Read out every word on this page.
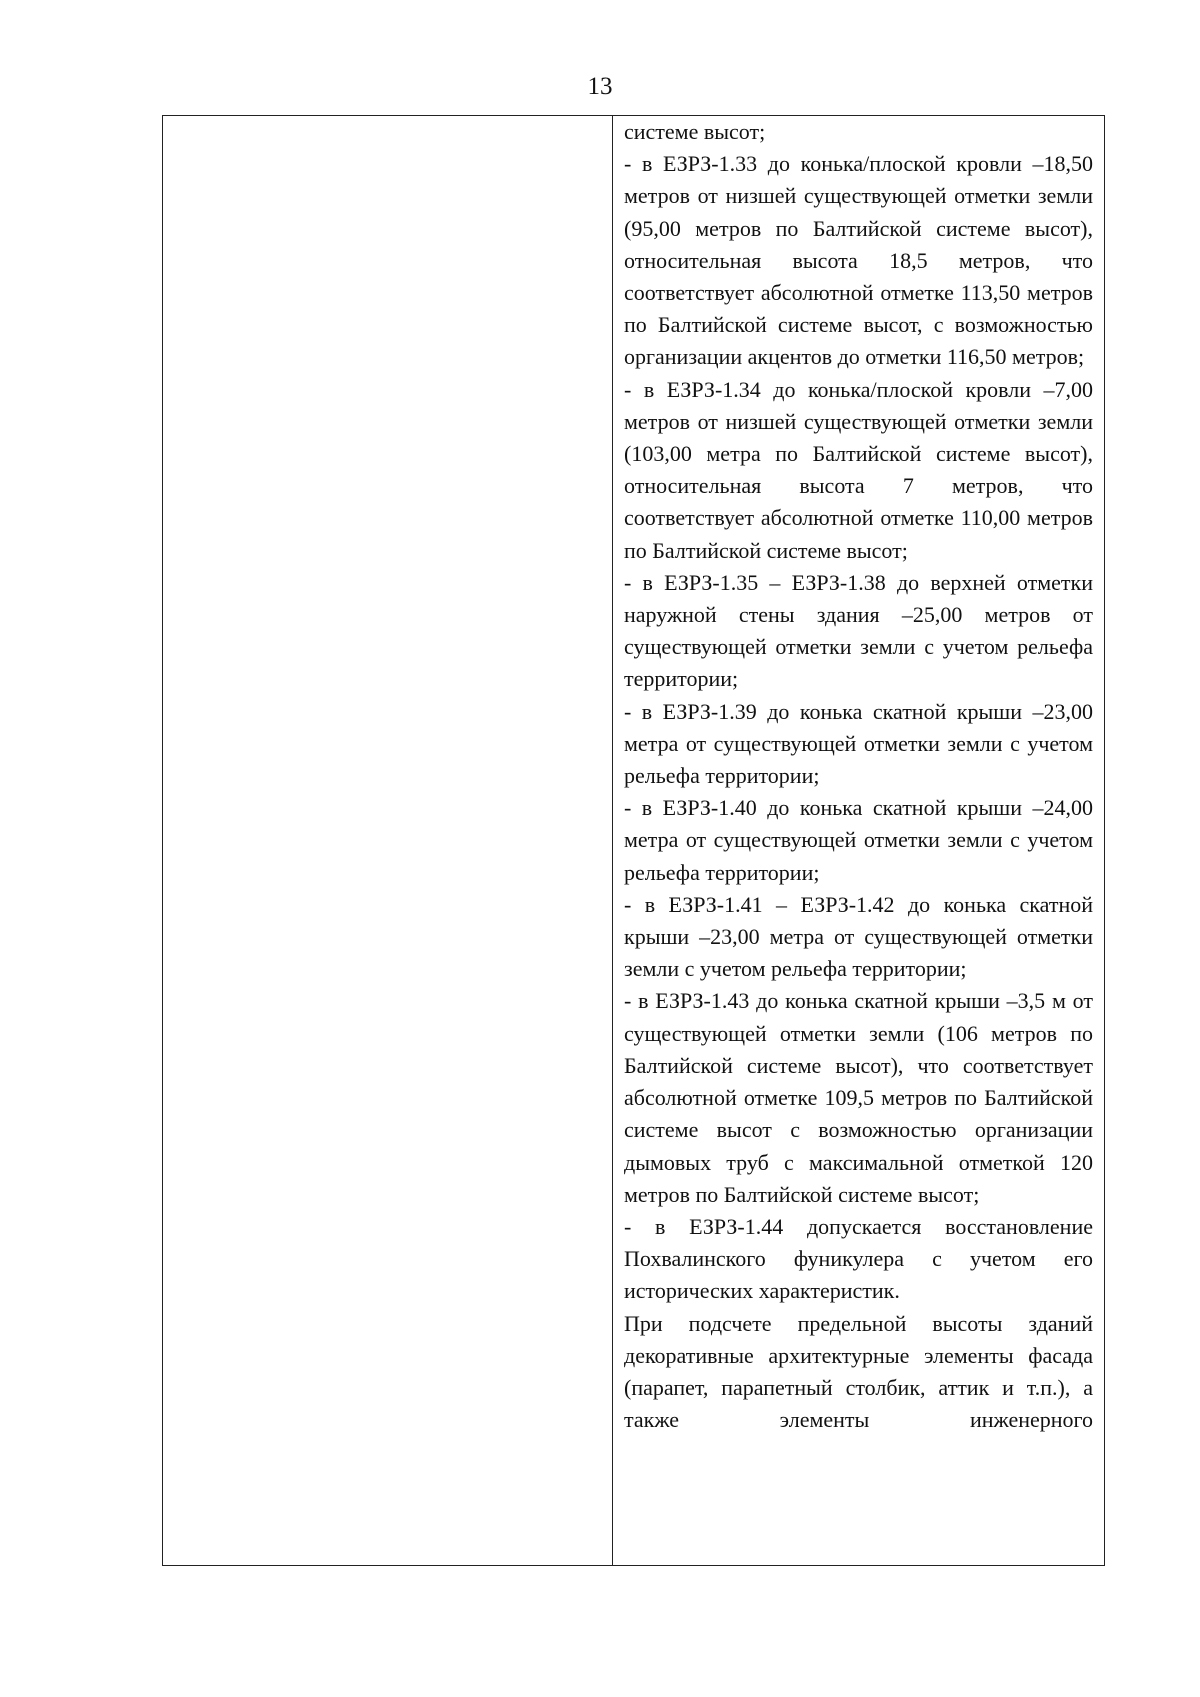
13

системе высот;

- в ЕЗРЗ-1.33 до конька/плоской кровли –18,50 метров от низшей существующей отметки земли (95,00 метров по Балтийской системе высот), относительная высота 18,5 метров, что соответствует абсолютной отметке 113,50 метров по Балтийской системе высот, с возможностью организации акцентов до отметки 116,50 метров;

- в ЕЗРЗ-1.34 до конька/плоской кровли –7,00 метров от низшей существующей отметки земли (103,00 метра по Балтийской системе высот), относительная высота 7 метров, что соответствует абсолютной отметке 110,00 метров по Балтийской системе высот;

- в ЕЗРЗ-1.35 – ЕЗРЗ-1.38 до верхней отметки наружной стены здания –25,00 метров от существующей отметки земли с учетом рельефа территории;

- в ЕЗРЗ-1.39 до конька скатной крыши –23,00 метра от существующей отметки земли с учетом рельефа территории;

- в ЕЗРЗ-1.40 до конька скатной крыши –24,00 метра от существующей отметки земли с учетом рельефа территории;

- в ЕЗРЗ-1.41 – ЕЗРЗ-1.42 до конька скатной крыши –23,00 метра от существующей отметки земли с учетом рельефа территории;

- в ЕЗРЗ-1.43 до конька скатной крыши –3,5 м от существующей отметки земли (106 метров по Балтийской системе высот), что соответствует абсолютной отметке 109,5 метров по Балтийской системе высот с возможностью организации дымовых труб с максимальной отметкой 120 метров по Балтийской системе высот;

- в ЕЗРЗ-1.44 допускается восстановление Похвалинского фуникулера с учетом его исторических характеристик.

При подсчете предельной высоты зданий декоративные архитектурные элементы фасада (парапет, парапетный столбик, аттик и т.п.), а также элементы инженерного
